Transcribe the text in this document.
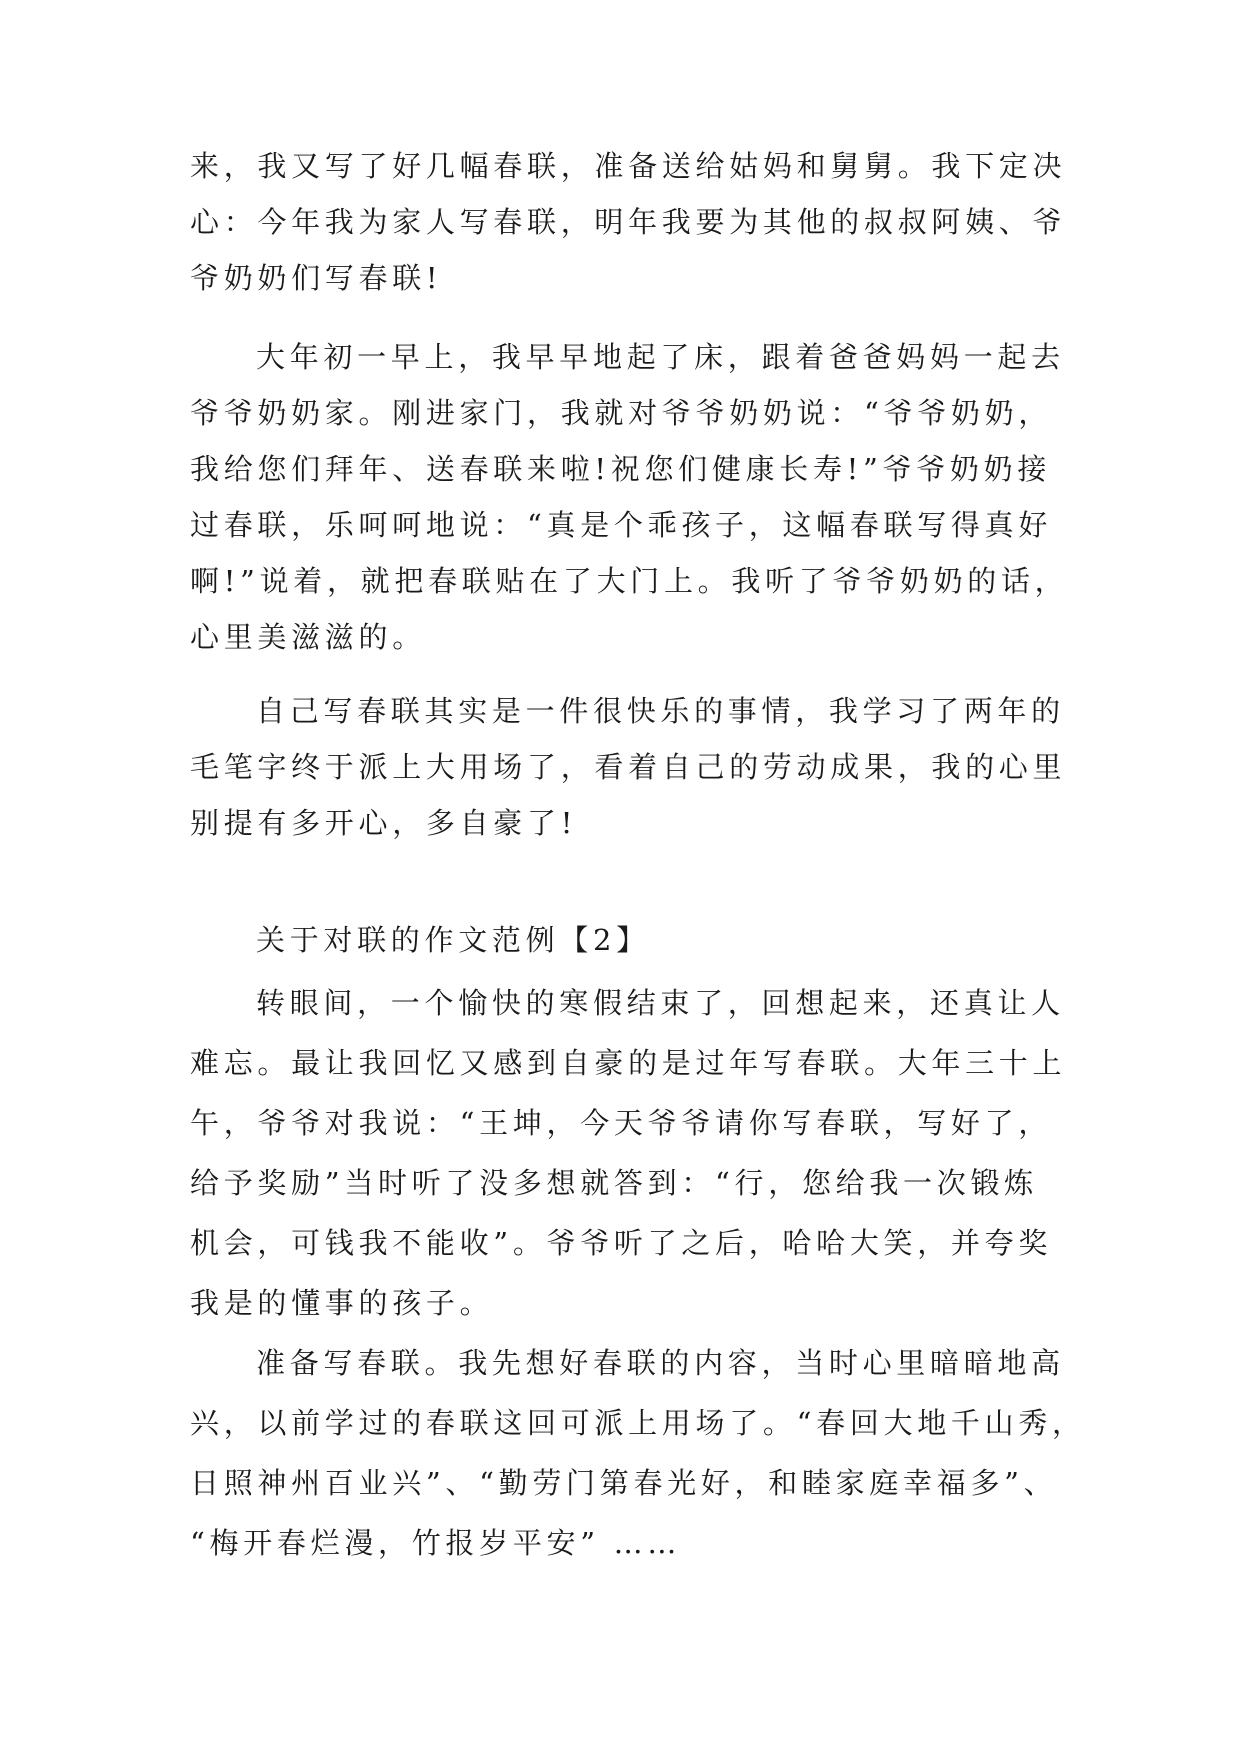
来，我又写了好几幅春联，准备送给姑妈和舅舅。我下定决
心：今年我为家人写春联，明年我要为其他的叔叔阿姨、爷
爷奶奶们写春联!
大年初一早上，我早早地起了床，跟着爸爸妈妈一起去
爷爷奶奶家。刚进家门，我就对爷爷奶奶说：“爷爷奶奶，
我给您们拜年、送春联来啦!祝您们健康长寿!”爷爷奶奶接
过春联，乐呵呵地说：“真是个乖孩子，这幅春联写得真好
啊!”说着，就把春联贴在了大门上。我听了爷爷奶奶的话，
心里美滋滋的。
自己写春联其实是一件很快乐的事情，我学习了两年的
毛笔字终于派上大用场了，看着自己的劳动成果，我的心里
别提有多开心，多自豪了!
关于对联的作文范例【2】
转眼间，一个愉快的寒假结束了，回想起来，还真让人
难忘。最让我回忆又感到自豪的是过年写春联。大年三十上
午，爷爷对我说：“王坤，今天爷爷请你写春联，写好了，
给予奖励”当时听了没多想就答到：“行，您给我一次锻炼
机会，可钱我不能收”。爷爷听了之后，哈哈大笑，并夸奖
我是的懂事的孩子。
准备写春联。我先想好春联的内容，当时心里暗暗地高
兴，以前学过的春联这回可派上用场了。“春回大地千山秀，
日照神州百业兴”、“勤劳门第春光好，和睦家庭幸福多”、
“梅开春烂漫，竹报岁平安” ……
